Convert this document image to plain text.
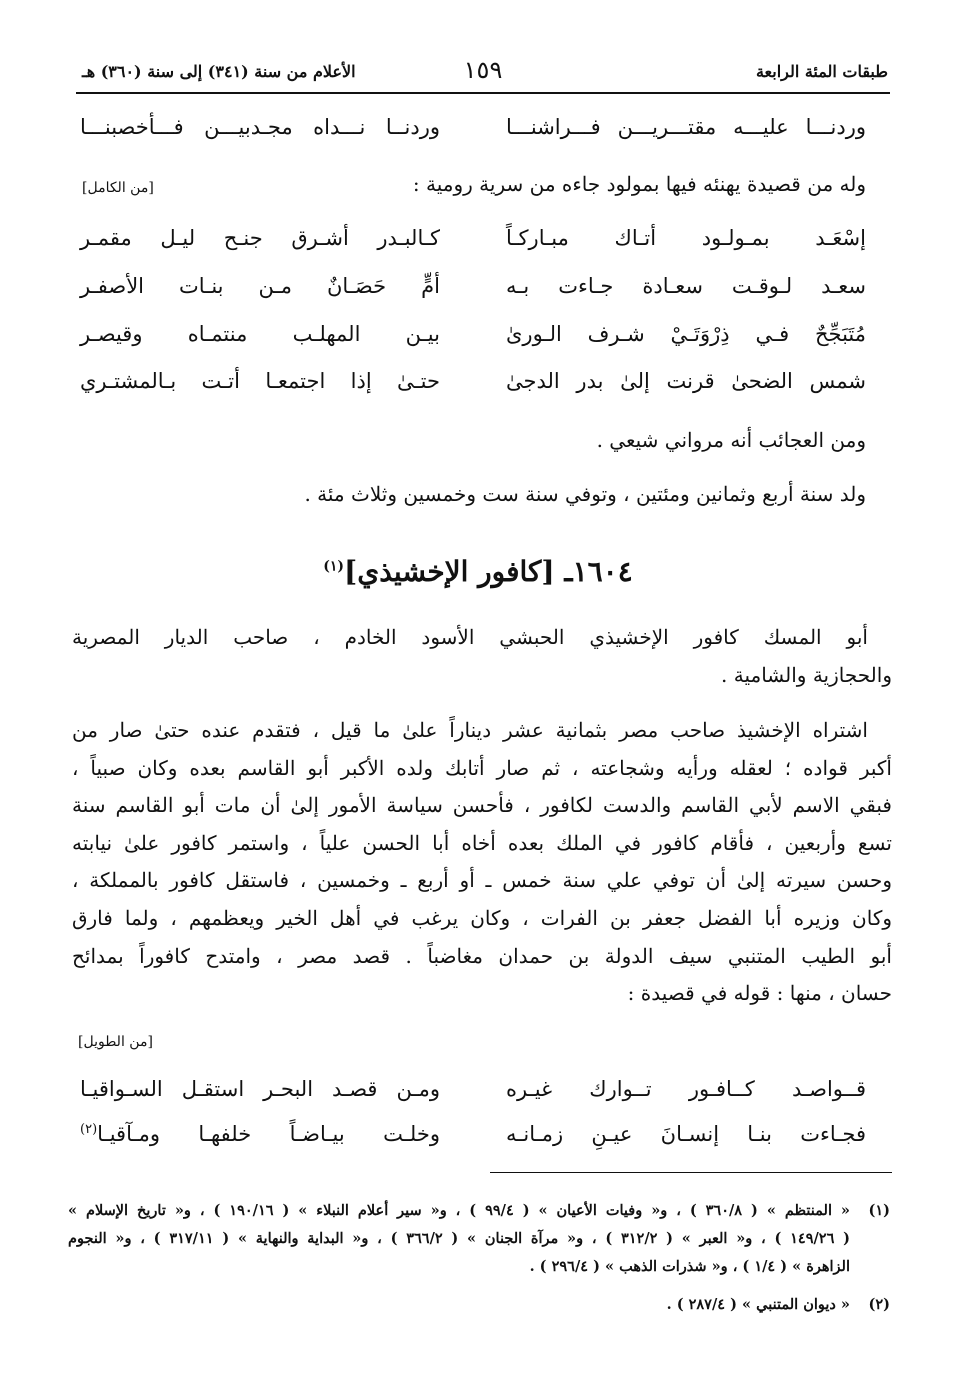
طبقات المئة الرابعة
١٥٩
الأعلام من سنة (٣٤١) إلى سنة (٣٦٠) هـ
وردنـــا عليـــه مقتـــريـــن فـــراشنـــا
وردنــا نـــداه مجـدبيـــن فـــأخصبنـــا
وله من قصيدة يهنئه فيها بمولود جاءه من سرية رومية :
[من الكامل]
إسْعَـد بمـولـود أتـاك مبـاركـاً
كـالبـدر أشـرق جنـح ليـل مقمـر
سعـد لـوقـت سعـادة جـاءت بـه
أمٍّ حَصَـانٌ مـن بنـات الأصفـر
مُتَبَجِّحٌ فـي ذِرْوَتَـيْ شـرف الـورىٰ
بيـن المهلـب منتمـاه وقيصـر
شمس الضحىٰ قرنت إلىٰ بدر الدجىٰ
حتـىٰ إذا اجتمعـا أتـت بـالمشتـري
ومن العجائب أنه مرواني شيعي .
ولد سنة أربع وثمانين ومئتين ، وتوفي سنة ست وخمسين وثلاث مئة .
١٦٠٤ـ [كافور الإخشيذي]$^{(١)}$
أبو المسك كافور الإخشيذي الحبشي الأسود الخادم ، صاحب الديار المصرية
والحجازية والشامية .
اشتراه الإخشيذ صاحب مصر بثمانية عشر ديناراً علىٰ ما قيل ، فتقدم عنده حتىٰ صار من
أكبر قواده ؛ لعقله ورأيه وشجاعته ، ثم صار أتابك ولده الأكبر أبو القاسم بعده وكان صبياً ،
فبقي الاسم لأبي القاسم والدست لكافور ، فأحسن سياسة الأمور إلىٰ أن مات أبو القاسم سنة
تسع وأربعين ، فأقام كافور في الملك بعده أخاه أبا الحسن علياً ، واستمر كافور علىٰ نيابته
وحسن سيرته إلىٰ أن توفي علي سنة خمس ـ أو أربع ـ وخمسين ، فاستقل كافور بالمملكة ،
وكان وزيره أبا الفضل جعفر بن الفرات ، وكان يرغب في أهل الخير ويعظمهم ، ولما فارق
أبو الطيب المتنبي سيف الدولة بن حمدان مغاضباً . قصد مصر ، وامتدح كافوراً بمدائح
حسان ، منها : قوله في قصيدة :
[من الطويل]
قــواصـد كــافـور تــوارك غيـره
ومـن قصـد البحـر استقـل السـواقيـا
فجـاءت بنـا إنسـانَ عيـنِ زمـانـه
وخلـت بيـاضـاً خلفهـا ومـآقيـا$^{(٢)}$
(١)
« المنتظم » ( ٣٦٠/٨ ) ، و« وفيات الأعيان » ( ٩٩/٤ ) ، و« سير أعلام النبلاء » ( ١٩٠/١٦ ) ، و« تاريخ الإسلام »
( ١٤٩/٢٦ ) ، و« العبر » ( ٣١٢/٢ ) ، و« مرآة الجنان » ( ٣٦٦/٢ ) ، و« البداية والنهاية » ( ٣١٧/١١ ) ، و« النجوم
الزاهرة » ( ١/٤ ) ، و« شذرات الذهب » ( ٢٩٦/٤ ) .
(٢)
« ديوان المتنبي » ( ٢٨٧/٤ ) .
